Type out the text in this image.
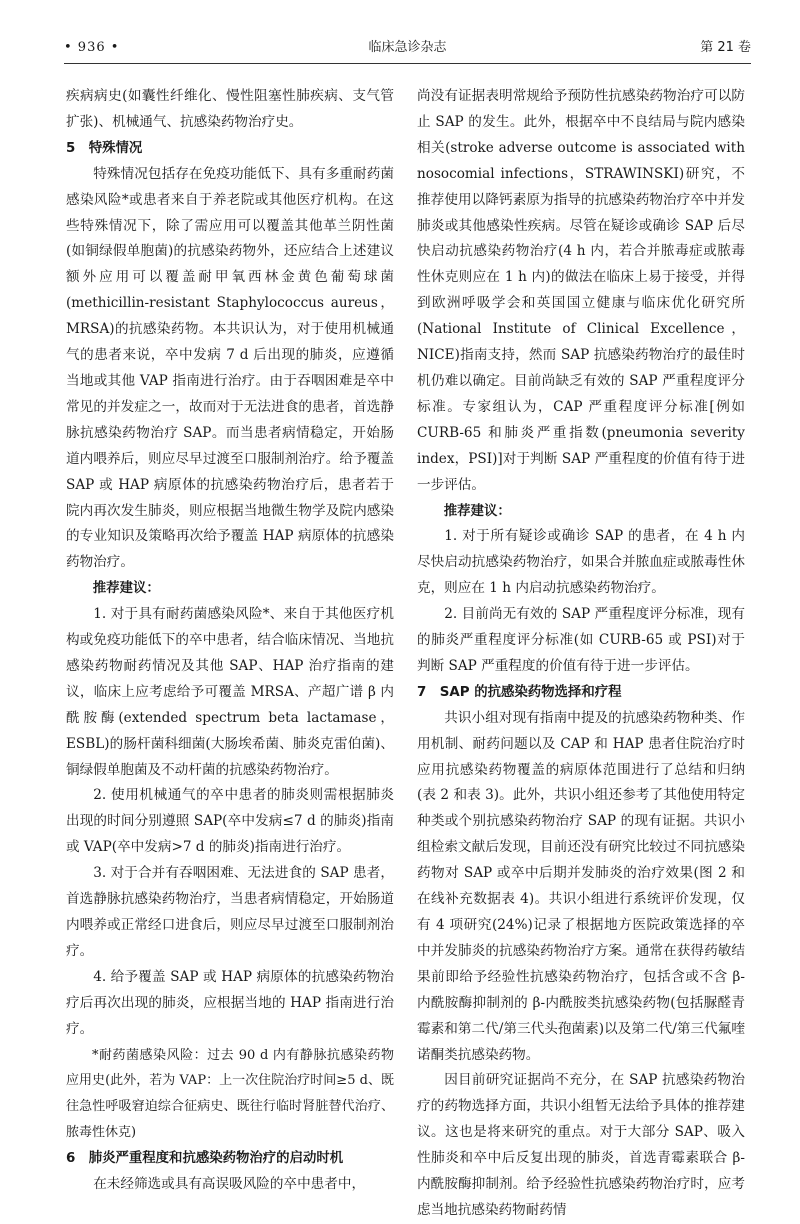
• 936 •	临床急诊杂志	第 21 卷

疾病病史(如囊性纤维化、慢性阻塞性肺疾病、支气管扩张)、机械通气、抗感染药物治疗史。

5　特殊情况

特殊情况包括存在免疫功能低下、具有多重耐药菌感染风险*或患者来自于养老院或其他医疗机构。在这些特殊情况下，除了需应用可以覆盖其他革兰阴性菌(如铜绿假单胞菌)的抗感染药物外，还应结合上述建议额外应用可以覆盖耐甲氧西林金黄色葡萄球菌(methicillin-resistant Staphylococcus aureus，MRSA)的抗感染药物。本共识认为，对于使用机械通气的患者来说，卒中发病 7 d 后出现的肺炎，应遵循当地或其他 VAP 指南进行治疗。由于吞咽困难是卒中常见的并发症之一，故而对于无法进食的患者，首选静脉抗感染药物治疗 SAP。而当患者病情稳定，开始肠道内喂养后，则应尽早过渡至口服制剂治疗。给予覆盖 SAP 或 HAP 病原体的抗感染药物治疗后，患者若于院内再次发生肺炎，则应根据当地微生物学及院内感染的专业知识及策略再次给予覆盖 HAP 病原体的抗感染药物治疗。

推荐建议：

1. 对于具有耐药菌感染风险*、来自于其他医疗机构或免疫功能低下的卒中患者，结合临床情况、当地抗感染药物耐药情况及其他 SAP、HAP 治疗指南的建议，临床上应考虑给予可覆盖 MRSA、产超广谱 β 内酰胺酶(extended spectrum beta lactamase，ESBL)的肠杆菌科细菌(大肠埃希菌、肺炎克雷伯菌)、铜绿假单胞菌及不动杆菌的抗感染药物治疗。

2. 使用机械通气的卒中患者的肺炎则需根据肺炎出现的时间分别遵照 SAP(卒中发病≤7 d 的肺炎)指南或 VAP(卒中发病>7 d 的肺炎)指南进行治疗。

3. 对于合并有吞咽困难、无法进食的 SAP 患者，首选静脉抗感染药物治疗，当患者病情稳定，开始肠道内喂养或正常经口进食后，则应尽早过渡至口服制剂治疗。

4. 给予覆盖 SAP 或 HAP 病原体的抗感染药物治疗后再次出现的肺炎，应根据当地的 HAP 指南进行治疗。

*耐药菌感染风险：过去 90 d 内有静脉抗感染药物应用史(此外，若为 VAP：上一次住院治疗时间≥5 d、既往急性呼吸窘迫综合征病史、既往行临时肾脏替代治疗、脓毒性休克)

6　肺炎严重程度和抗感染药物治疗的启动时机

在未经筛选或具有高误吸风险的卒中患者中，

尚没有证据表明常规给予预防性抗感染药物治疗可以防止 SAP 的发生。此外，根据卒中不良结局与院内感染相关(stroke adverse outcome is associated with nosocomial infections，STRAWINSKI)研究，不推荐使用以降钙素原为指导的抗感染药物治疗卒中并发肺炎或其他感染性疾病。尽管在疑诊或确诊 SAP 后尽快启动抗感染药物治疗(4 h 内，若合并脓毒症或脓毒性休克则应在 1 h 内)的做法在临床上易于接受，并得到欧洲呼吸学会和英国国立健康与临床优化研究所(National Institute of Clinical Excellence，NICE)指南支持，然而 SAP 抗感染药物治疗的最佳时机仍难以确定。目前尚缺乏有效的 SAP 严重程度评分标准。专家组认为，CAP 严重程度评分标准[例如 CURB-65 和肺炎严重指数(pneumonia severity index，PSI)]对于判断 SAP 严重程度的价值有待于进一步评估。

推荐建议：

1. 对于所有疑诊或确诊 SAP 的患者，在 4 h 内尽快启动抗感染药物治疗，如果合并脓血症或脓毒性休克，则应在 1 h 内启动抗感染药物治疗。

2. 目前尚无有效的 SAP 严重程度评分标准，现有的肺炎严重程度评分标准(如 CURB-65 或 PSI)对于判断 SAP 严重程度的价值有待于进一步评估。

7　SAP 的抗感染药物选择和疗程

共识小组对现有指南中提及的抗感染药物种类、作用机制、耐药问题以及 CAP 和 HAP 患者住院治疗时应用抗感染药物覆盖的病原体范围进行了总结和归纳(表 2 和表 3)。此外，共识小组还参考了其他使用特定种类或个别抗感染药物治疗 SAP 的现有证据。共识小组检索文献后发现，目前还没有研究比较过不同抗感染药物对 SAP 或卒中后期并发肺炎的治疗效果(图 2 和在线补充数据表 4)。共识小组进行系统评价发现，仅有 4 项研究(24%)记录了根据地方医院政策选择的卒中并发肺炎的抗感染药物治疗方案。通常在获得药敏结果前即给予经验性抗感染药物治疗，包括含或不含 β-内酰胺酶抑制剂的 β-内酰胺类抗感染药物(包括脲醛青霉素和第二代/第三代头孢菌素)以及第二代/第三代氟喹诺酮类抗感染药物。

因目前研究证据尚不充分，在 SAP 抗感染药物治疗的药物选择方面，共识小组暂无法给予具体的推荐建议。这也是将来研究的重点。对于大部分 SAP、吸入性肺炎和卒中后反复出现的肺炎，首选青霉素联合 β-内酰胺酶抑制剂。给予经验性抗感染药物治疗时，应考虑当地抗感染药物耐药情
